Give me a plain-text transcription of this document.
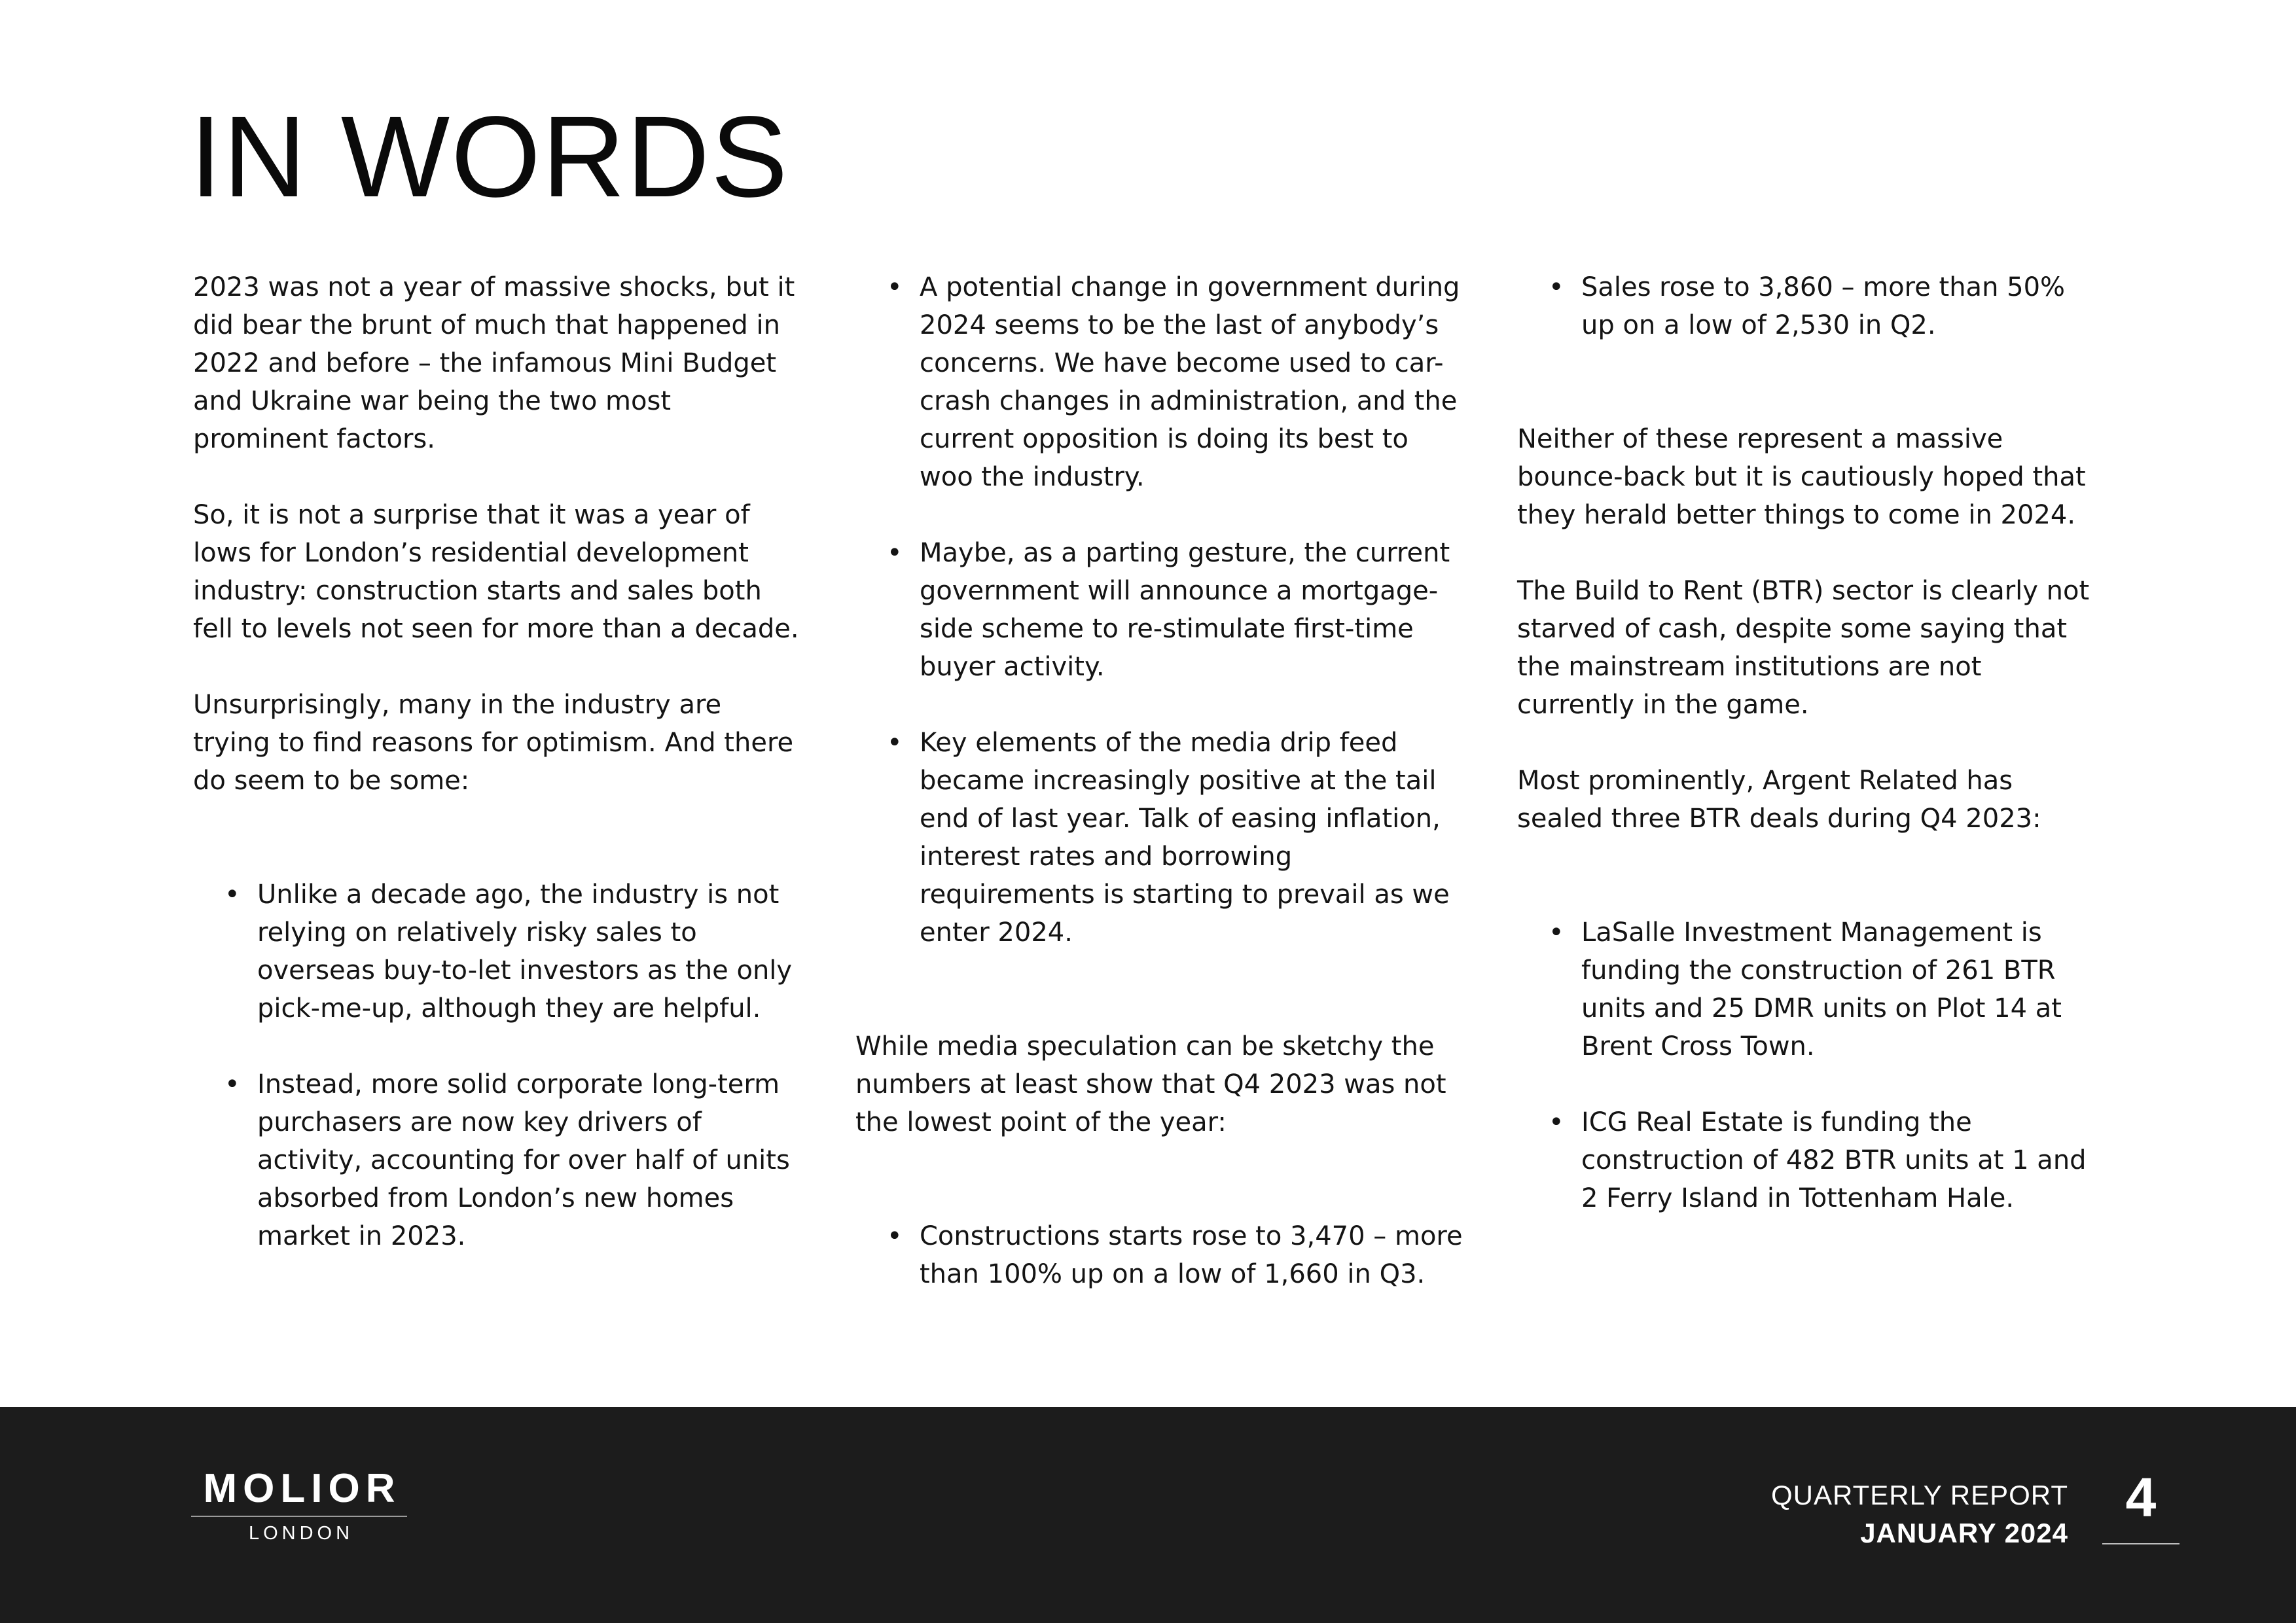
IN WORDS

2023 was not a year of massive shocks, but it did bear the brunt of much that happened in 2022 and before – the infamous Mini Budget and Ukraine war being the two most prominent factors.

So, it is not a surprise that it was a year of lows for London’s residential development industry: construction starts and sales both fell to levels not seen for more than a decade.

Unsurprisingly, many in the industry are trying to find reasons for optimism. And there do seem to be some:

• Unlike a decade ago, the industry is not relying on relatively risky sales to overseas buy-to-let investors as the only pick-me-up, although they are helpful.
• Instead, more solid corporate long-term purchasers are now key drivers of activity, accounting for over half of units absorbed from London’s new homes market in 2023.
• A potential change in government during 2024 seems to be the last of anybody’s concerns. We have become used to car-crash changes in administration, and the current opposition is doing its best to woo the industry.
• Maybe, as a parting gesture, the current government will announce a mortgage-side scheme to re-stimulate first-time buyer activity.
• Key elements of the media drip feed became increasingly positive at the tail end of last year. Talk of easing inflation, interest rates and borrowing requirements is starting to prevail as we enter 2024.

While media speculation can be sketchy the numbers at least show that Q4 2023 was not the lowest point of the year:

• Constructions starts rose to 3,470 – more than 100% up on a low of 1,660 in Q3.
• Sales rose to 3,860 – more than 50% up on a low of 2,530 in Q2.

Neither of these represent a massive bounce-back but it is cautiously hoped that they herald better things to come in 2024.

The Build to Rent (BTR) sector is clearly not starved of cash, despite some saying that the mainstream institutions are not currently in the game.

Most prominently, Argent Related has sealed three BTR deals during Q4 2023:

• LaSalle Investment Management is funding the construction of 261 BTR units and 25 DMR units on Plot 14 at Brent Cross Town.
• ICG Real Estate is funding the construction of 482 BTR units at 1 and 2 Ferry Island in Tottenham Hale.
MOLIOR
LONDON
QUARTERLY REPORT
JANUARY 2024
4
